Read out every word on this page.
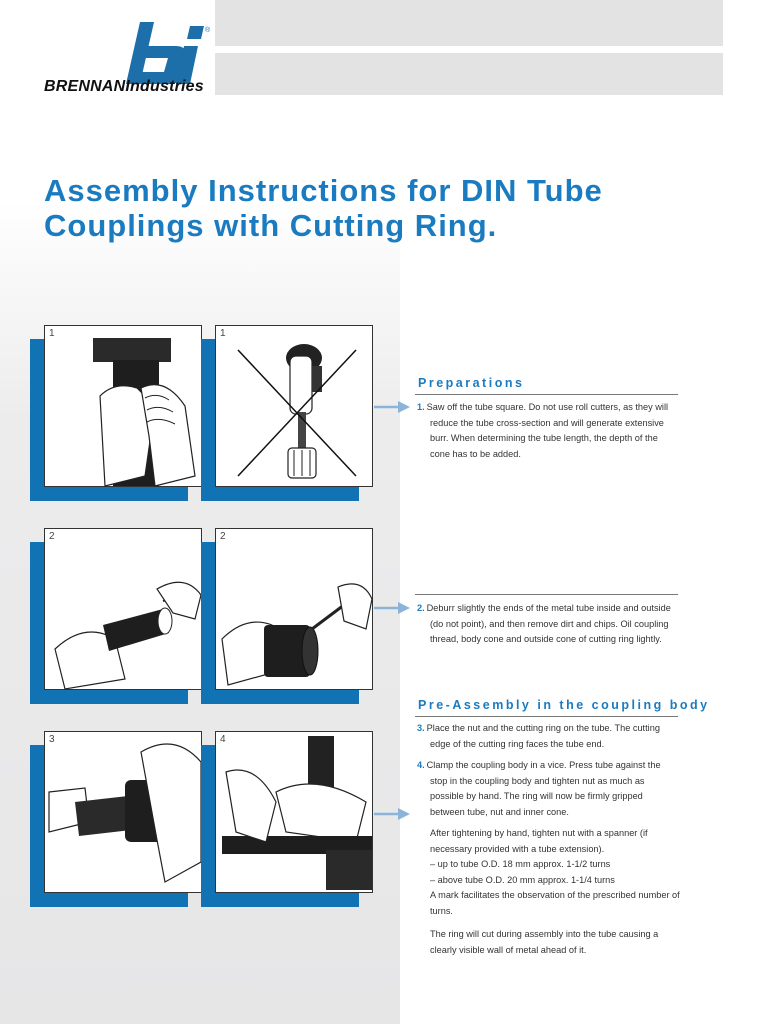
®
BRENNANIndustries
Assembly Instructions for DIN Tube
Couplings with Cutting Ring.
1	1
2	2
3	4
Preparations

1. Saw off the tube square. Do not use roll cutters, as they will reduce the tube cross-section and will generate extensive burr. When determining the tube length, the depth of the cone has to be added.

2. Deburr slightly the ends of the metal tube inside and outside (do not point), and then remove dirt and chips. Oil coupling thread, body cone and outside cone of cutting ring lightly.

Pre-Assembly in the coupling body

3. Place the nut and the cutting ring on the tube. The cutting edge of the cutting ring faces the tube end.

4. Clamp the coupling body in a vice. Press tube against the stop in the coupling body and tighten nut as much as possible by hand. The ring will now be firmly gripped between tube, nut and inner cone.

After tightening by hand, tighten nut with a spanner (if necessary provided with a tube extension).
– up to tube O.D. 18 mm approx. 1-1/2 turns
– above tube O.D. 20 mm approx. 1-1/4 turns
A mark facilitates the observation of the prescribed number of turns.
The ring will cut during assembly into the tube causing a clearly visible wall of metal ahead of it.
